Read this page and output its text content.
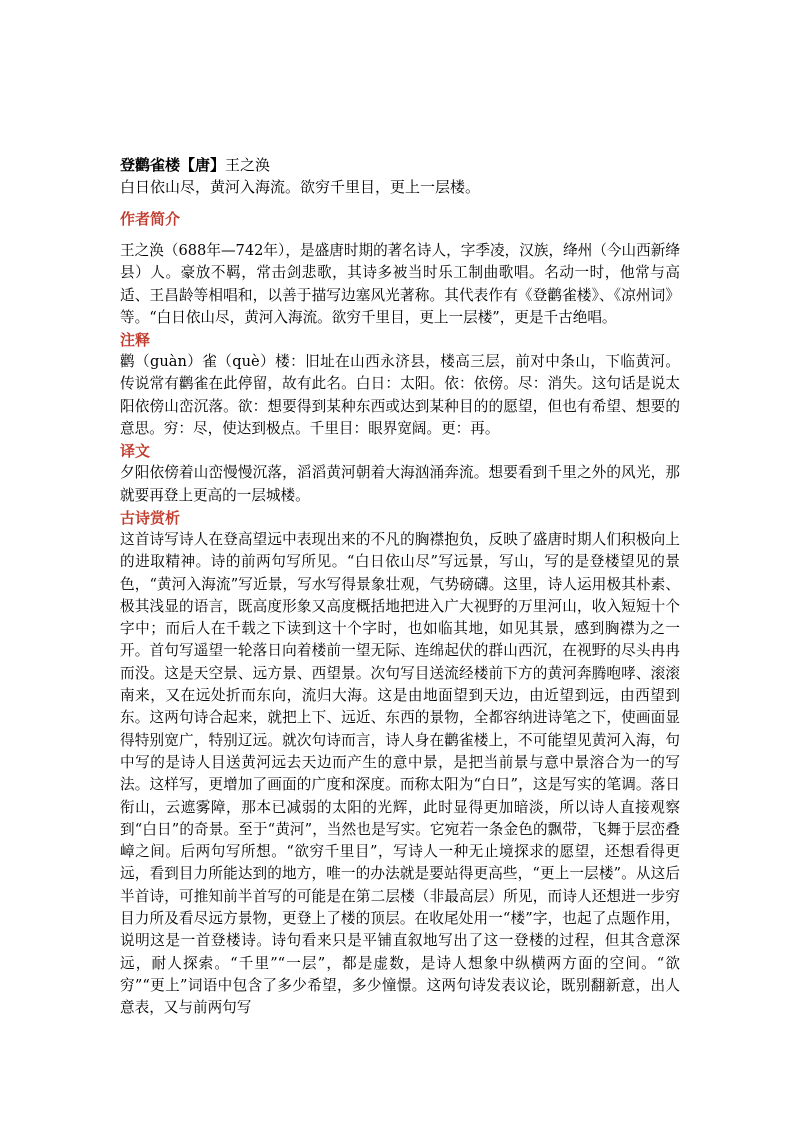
登鹳雀楼【唐】王之涣
白日依山尽，黄河入海流。欲穷千里目，更上一层楼。
作者简介

王之涣（688年—742年），是盛唐时期的著名诗人，字季凌，汉族，绛州（今山西新绛县）人。豪放不羁，常击剑悲歌，其诗多被当时乐工制曲歌唱。名动一时，他常与高适、王昌龄等相唱和，以善于描写边塞风光著称。其代表作有《登鹳雀楼》、《凉州词》等。“白日依山尽，黄河入海流。欲穷千里目，更上一层楼”，更是千古绝唱。

注释

鹳（guàn）雀（què）楼：旧址在山西永济县，楼高三层，前对中条山，下临黄河。传说常有鹳雀在此停留，故有此名。白日：太阳。依：依傍。尽：消失。这句话是说太阳依傍山峦沉落。欲：想要得到某种东西或达到某种目的的愿望，但也有希望、想要的意思。穷：尽，使达到极点。千里目：眼界宽阔。更：再。

译文

夕阳依傍着山峦慢慢沉落，滔滔黄河朝着大海汹涌奔流。想要看到千里之外的风光，那就要再登上更高的一层城楼。

古诗赏析

这首诗写诗人在登高望远中表现出来的不凡的胸襟抱负，反映了盛唐时期人们积极向上的进取精神。诗的前两句写所见。“白日依山尽”写远景，写山，写的是登楼望见的景色，“黄河入海流”写近景，写水写得景象壮观，气势磅礴。这里，诗人运用极其朴素、极其浅显的语言，既高度形象又高度概括地把进入广大视野的万里河山，收入短短十个字中；而后人在千载之下读到这十个字时，也如临其地，如见其景，感到胸襟为之一开。首句写遥望一轮落日向着楼前一望无际、连绵起伏的群山西沉，在视野的尽头冉冉而没。这是天空景、远方景、西望景。次句写目送流经楼前下方的黄河奔腾咆哮、滚滚南来，又在远处折而东向，流归大海。这是由地面望到天边，由近望到远，由西望到东。这两句诗合起来，就把上下、远近、东西的景物，全都容纳进诗笔之下，使画面显得特别宽广，特别辽远。就次句诗而言，诗人身在鹳雀楼上，不可能望见黄河入海，句中写的是诗人目送黄河远去天边而产生的意中景，是把当前景与意中景溶合为一的写法。这样写，更增加了画面的广度和深度。而称太阳为“白日”，这是写实的笔调。落日衔山，云遮雾障，那本已减弱的太阳的光辉，此时显得更加暗淡，所以诗人直接观察到“白日”的奇景。至于“黄河”，当然也是写实。它宛若一条金色的飘带，飞舞于层峦叠嶂之间。后两句写所想。“欲穷千里目”，写诗人一种无止境探求的愿望，还想看得更远，看到目力所能达到的地方，唯一的办法就是要站得更高些，“更上一层楼”。从这后半首诗，可推知前半首写的可能是在第二层楼（非最高层）所见，而诗人还想进一步穷目力所及看尽远方景物，更登上了楼的顶层。在收尾处用一“楼”字，也起了点题作用，说明这是一首登楼诗。诗句看来只是平铺直叙地写出了这一登楼的过程，但其含意深远，耐人探索。“千里”“一层”，都是虚数，是诗人想象中纵横两方面的空间。“欲穷”“更上”词语中包含了多少希望，多少憧憬。这两句诗发表议论，既别翻新意，出人意表，又与前两句写
